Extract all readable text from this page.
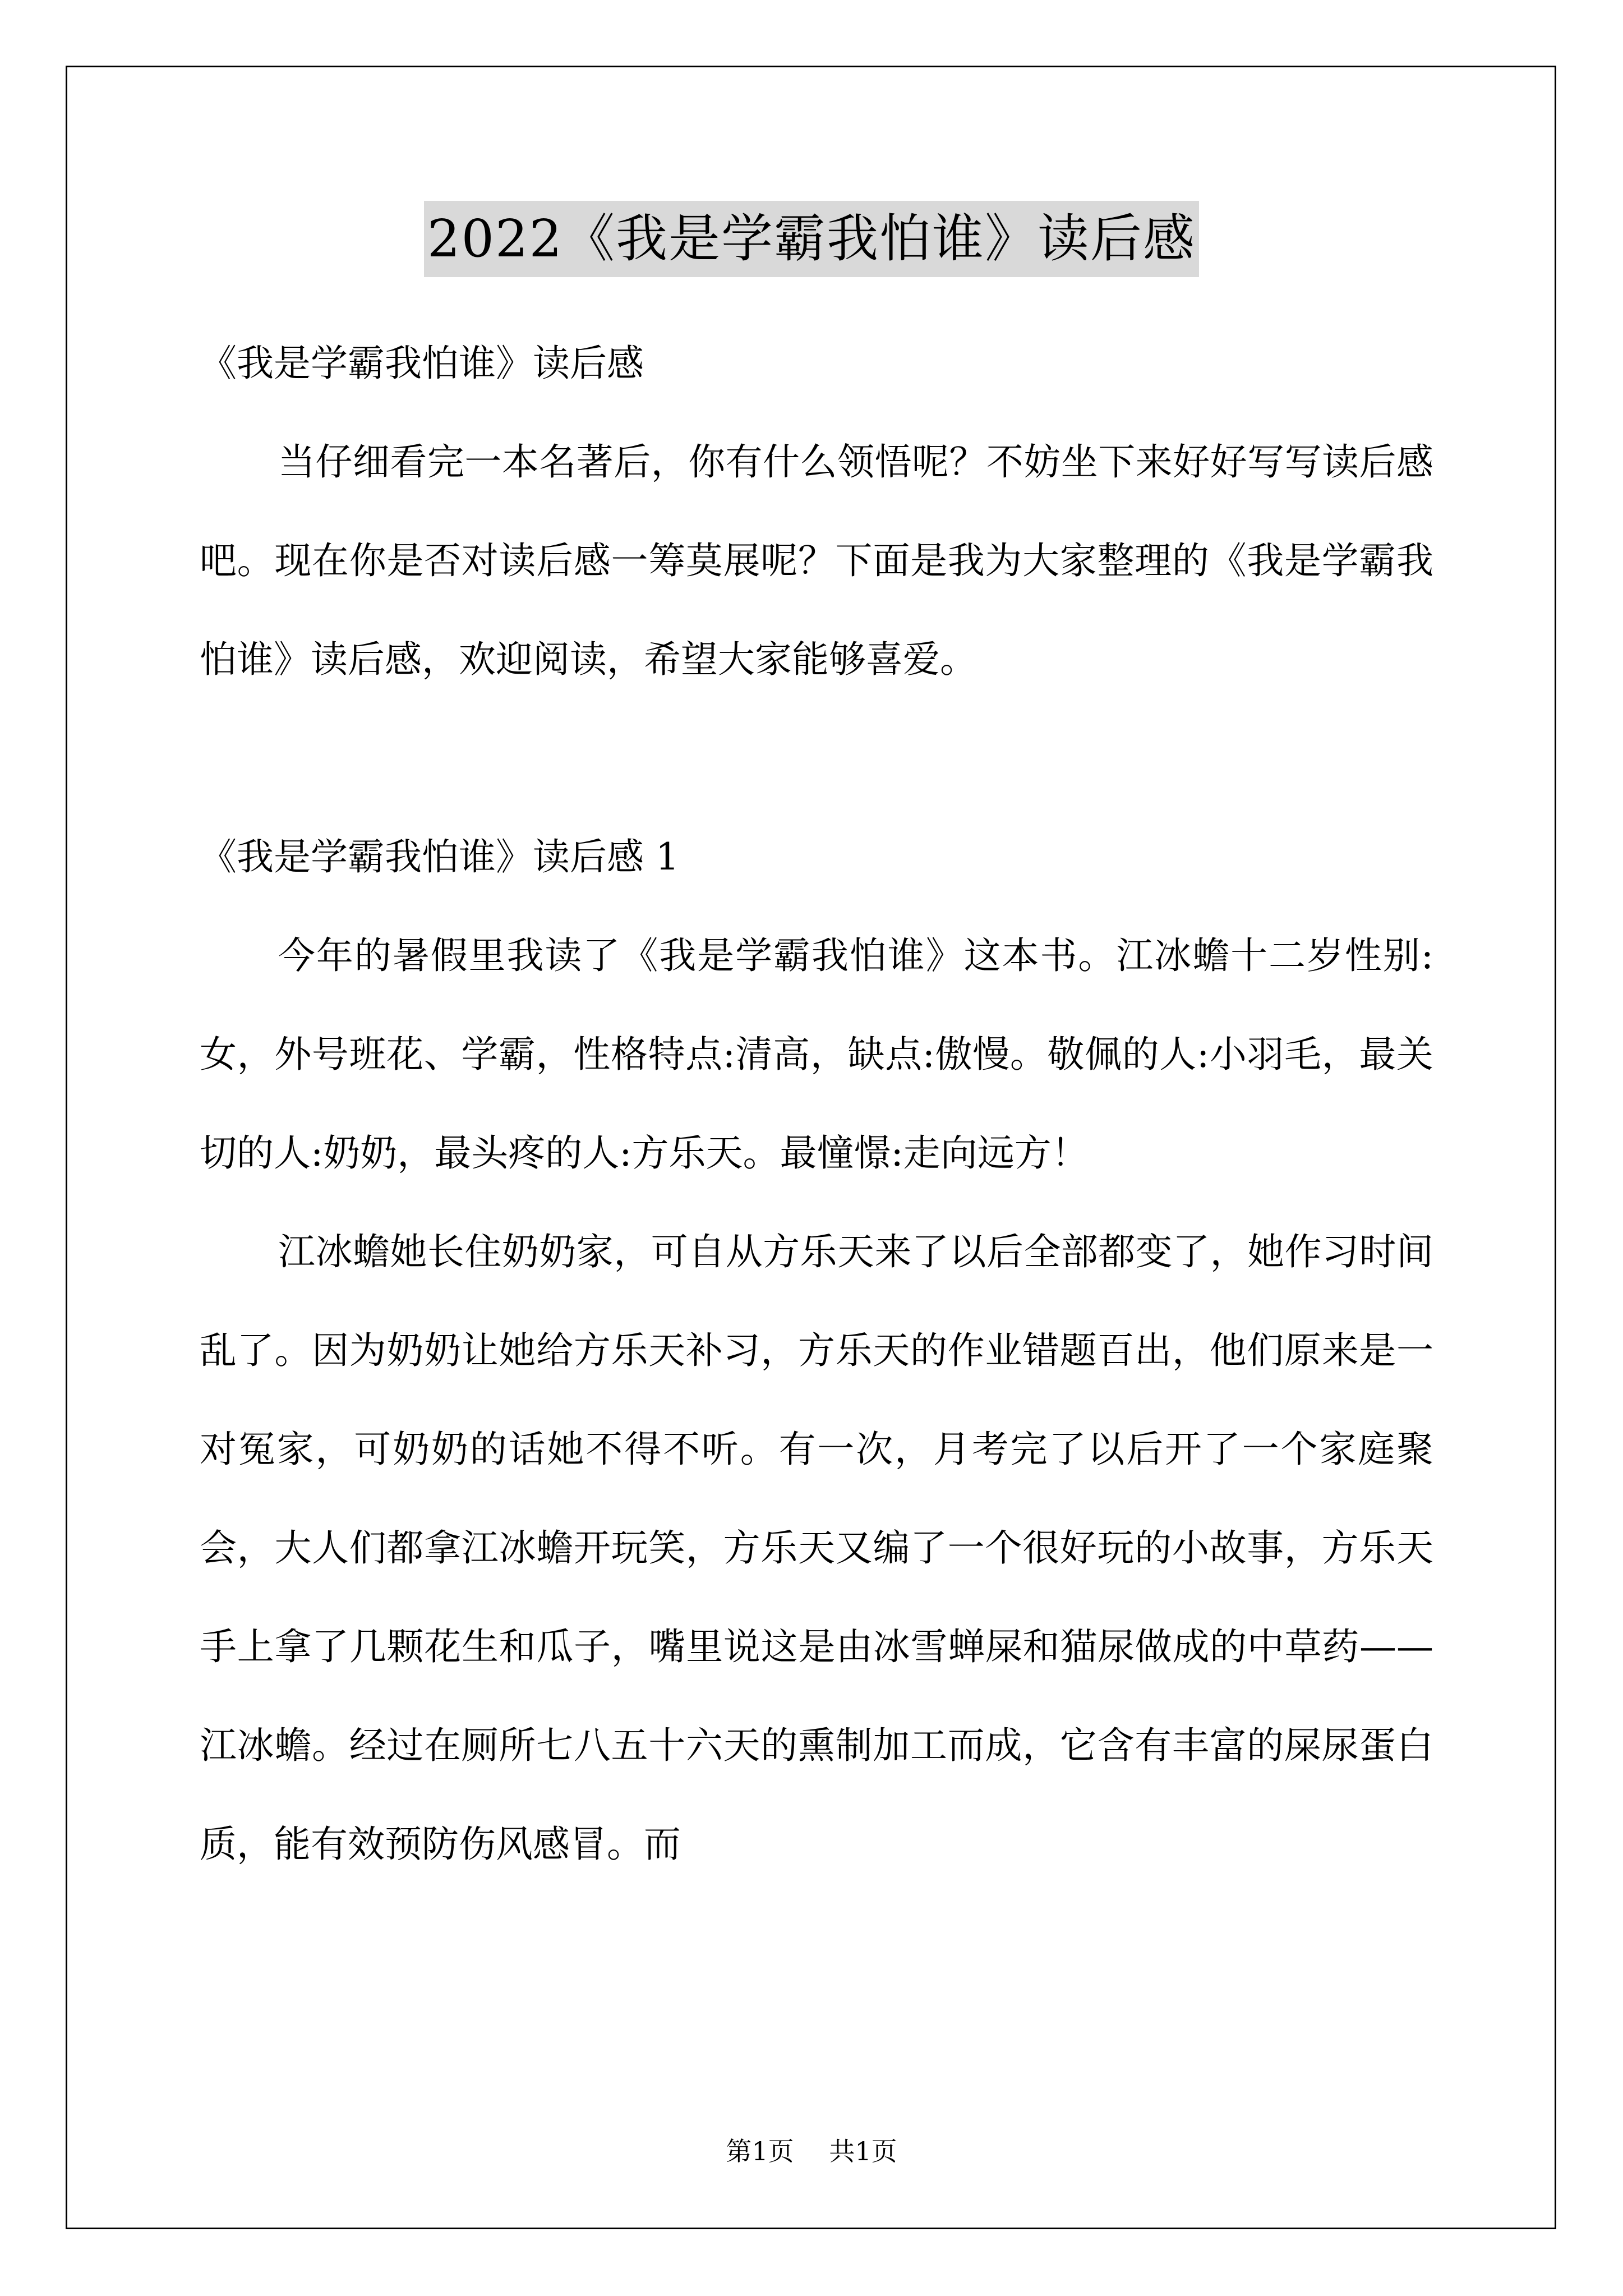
2022《我是学霸我怕谁》读后感

《我是学霸我怕谁》读后感

当仔细看完一本名著后，你有什么领悟呢？不妨坐下来好好写写读后感吧。现在你是否对读后感一筹莫展呢？下面是我为大家整理的《我是学霸我怕谁》读后感，欢迎阅读，希望大家能够喜爱。

《我是学霸我怕谁》读后感 1

今年的暑假里我读了《我是学霸我怕谁》这本书。江冰蟾十二岁性别:女，外号班花、学霸，性格特点:清高，缺点:傲慢。敬佩的人:小羽毛，最关切的人:奶奶，最头疼的人:方乐天。最憧憬:走向远方！

江冰蟾她长住奶奶家，可自从方乐天来了以后全部都变了，她作习时间乱了。因为奶奶让她给方乐天补习，方乐天的作业错题百出，他们原来是一对冤家，可奶奶的话她不得不听。有一次，月考完了以后开了一个家庭聚会，大人们都拿江冰蟾开玩笑，方乐天又编了一个很好玩的小故事，方乐天手上拿了几颗花生和瓜子，嘴里说这是由冰雪蝉屎和猫尿做成的中草药——江冰蟾。经过在厕所七八五十六天的熏制加工而成，它含有丰富的屎尿蛋白质，能有效预防伤风感冒。而

第1页 共1页
